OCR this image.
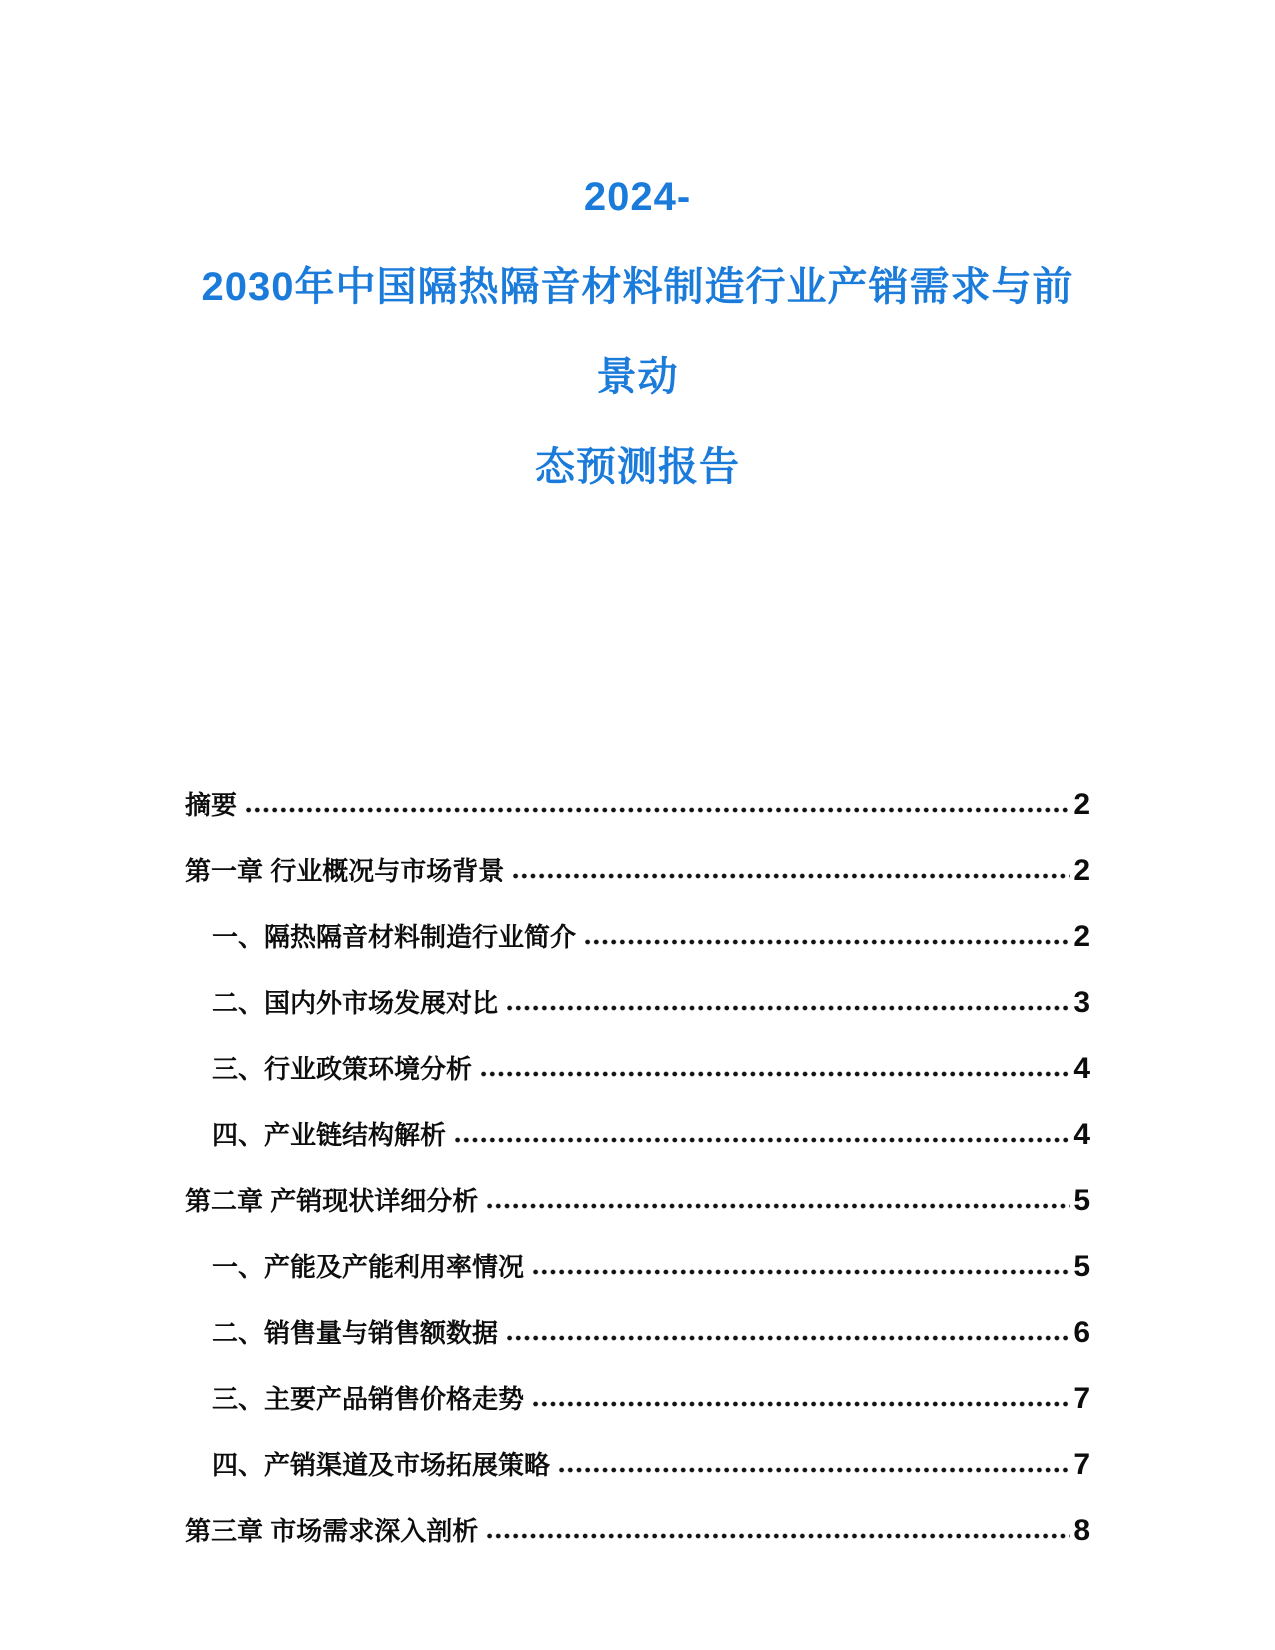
2024-
2030年中国隔热隔音材料制造行业产销需求与前景动
态预测报告
摘要	2
第一章 行业概况与市场背景	2
一、隔热隔音材料制造行业简介	2
二、国内外市场发展对比	3
三、行业政策环境分析	4
四、产业链结构解析	4
第二章 产销现状详细分析	5
一、产能及产能利用率情况	5
二、销售量与销售额数据	6
三、主要产品销售价格走势	7
四、产销渠道及市场拓展策略	7
第三章 市场需求深入剖析	8
